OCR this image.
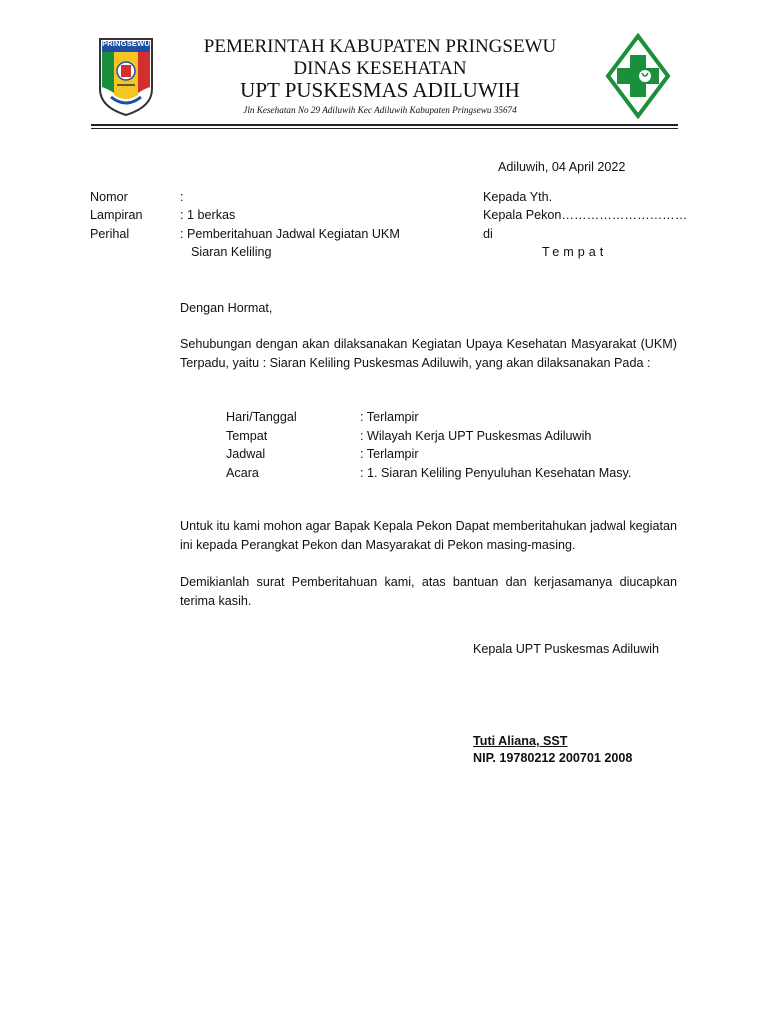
PRINGSEWU	PEMERINTAH KABUPATEN PRINGSEWU
DINAS KESEHATAN
UPT PUSKESMAS ADILUWIH
Jln Kesehatan No 29 Adiluwih Kec Adiluwih Kabupaten Pringsewu 35674
Adiluwih, 04 April 2022
Nomor	:
Lampiran	: 1 berkas
Perihal	: Pemberitahuan Jadwal Kegiatan UKM
Siaran Keliling
Kepada Yth.
Kepala Pekon…………………………
di
Tempat
Dengan Hormat,
Sehubungan dengan akan dilaksanakan Kegiatan Upaya Kesehatan Masyarakat (UKM) Terpadu, yaitu : Siaran Keliling Puskesmas Adiluwih, yang akan dilaksanakan Pada :
Hari/Tanggal	: Terlampir
Tempat	: Wilayah Kerja UPT Puskesmas Adiluwih
Jadwal	: Terlampir
Acara	: 1. Siaran Keliling Penyuluhan Kesehatan Masy.
Untuk itu kami mohon agar Bapak Kepala Pekon Dapat memberitahukan jadwal kegiatan ini kepada Perangkat Pekon dan Masyarakat di Pekon masing-masing.
Demikianlah surat Pemberitahuan kami, atas bantuan dan kerjasamanya diucapkan terima kasih.
Kepala UPT Puskesmas Adiluwih
Tuti Aliana, SST
NIP. 19780212 200701 2008
